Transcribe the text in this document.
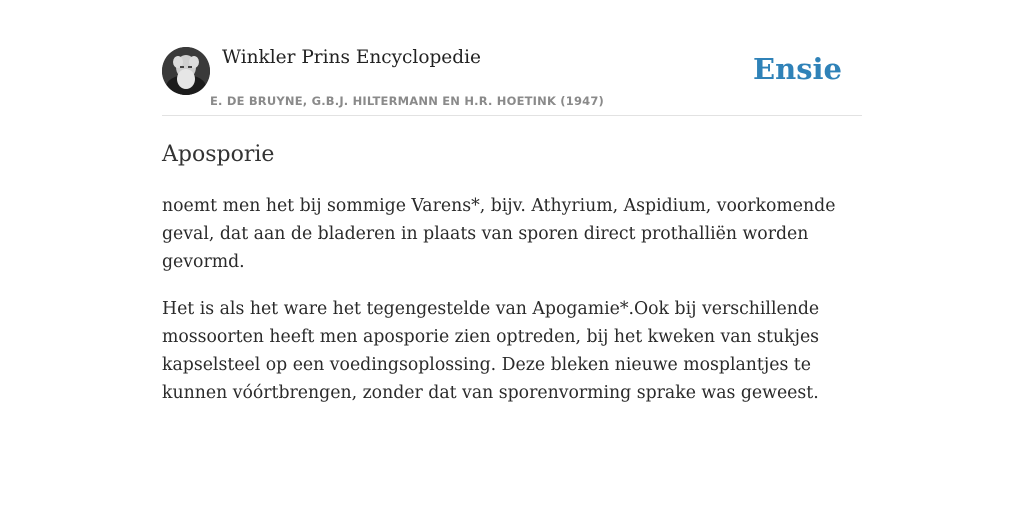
Winkler Prins Encyclopedie
E. DE BRUYNE, G.B.J. HILTERMANN EN H.R. HOETINK (1947)
Ensie
Aposporie

noemt men het bij sommige Varens*, bijv. Athyrium, Aspidium, voorkomende geval, dat aan de bladeren in plaats van sporen direct prothalliën worden gevormd.

Het is als het ware het tegengestelde van Apogamie*.Ook bij verschillende mossoorten heeft men aposporie zien optreden, bij het kweken van stukjes kapselsteel op een voedingsoplossing. Deze bleken nieuwe mosplantjes te kunnen vóórtbrengen, zonder dat van sporenvorming sprake was geweest.
